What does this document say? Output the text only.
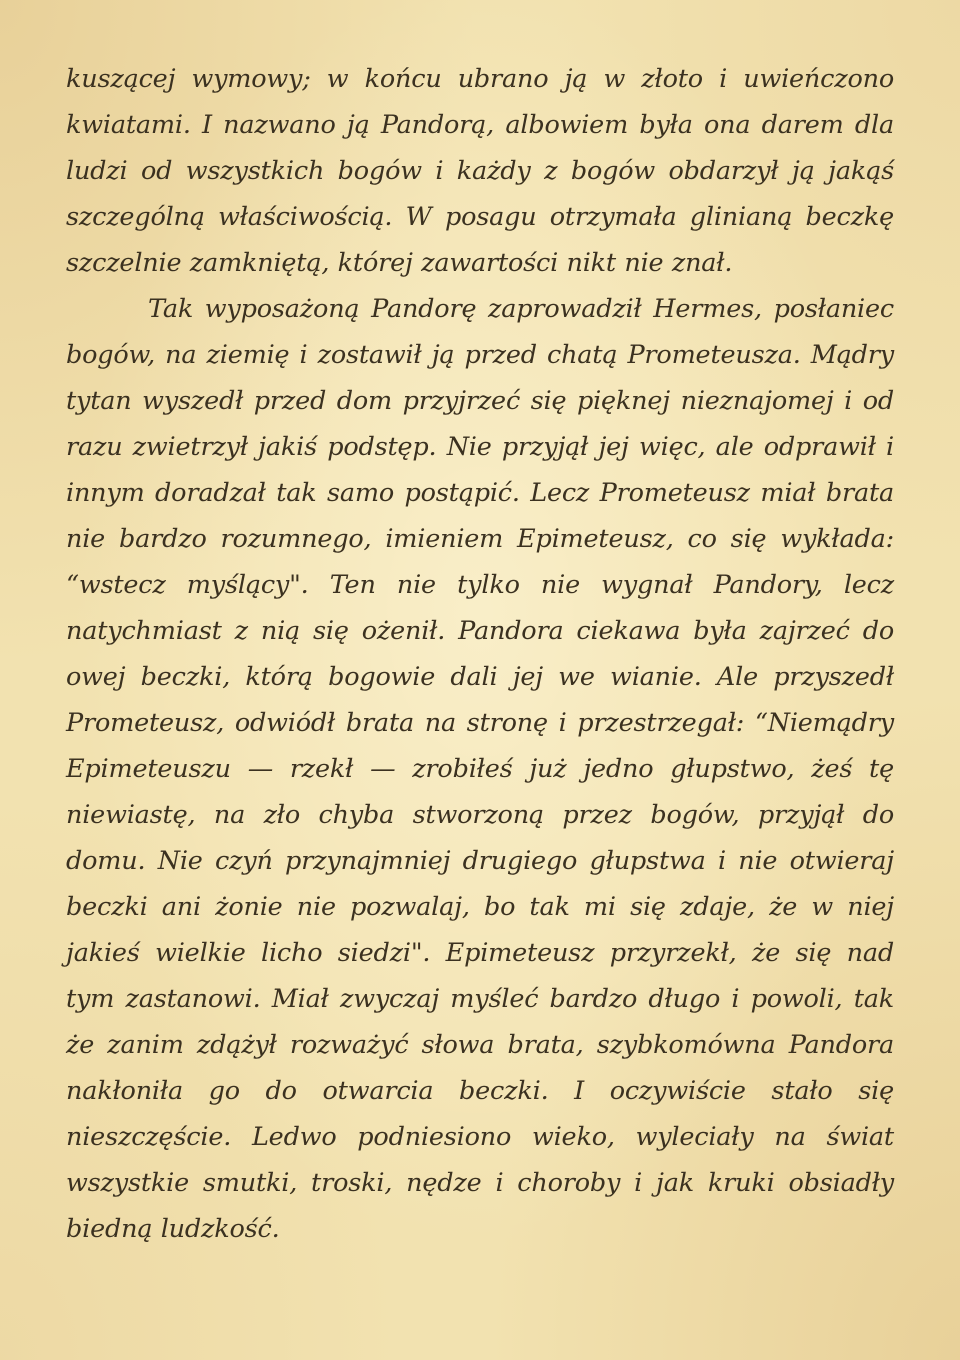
kuszącej wymowy; w końcu ubrano ją w złoto i uwieńczono kwiatami. I nazwano ją Pandorą, albowiem była ona darem dla ludzi od wszystkich bogów i każdy z bogów obdarzył ją jakąś szczególną właściwością. W posagu otrzymała glinianą beczkę szczelnie zamkniętą, której zawartości nikt nie znał.

Tak wyposażoną Pandorę zaprowadził Hermes, posłaniec bogów, na ziemię i zostawił ją przed chatą Prometeusza. Mądry tytan wyszedł przed dom przyjrzeć się pięknej nieznajomej i od razu zwietrzył jakiś podstęp. Nie przyjął jej więc, ale odprawił i innym doradzał tak samo postąpić. Lecz Prometeusz miał brata nie bardzo rozumnego, imieniem Epimeteusz, co się wykłada: “wstecz myślący". Ten nie tylko nie wygnał Pandory, lecz natychmiast z nią się ożenił. Pandora ciekawa była zajrzeć do owej beczki, którą bogowie dali jej we wianie. Ale przyszedł Prometeusz, odwiódł brata na stronę i przestrzegał: “Niemądry Epimeteuszu — rzekł — zrobiłeś już jedno głupstwo, żeś tę niewiastę, na zło chyba stworzoną przez bogów, przyjął do domu. Nie czyń przynajmniej drugiego głupstwa i nie otwieraj beczki ani żonie nie pozwalaj, bo tak mi się zdaje, że w niej jakieś wielkie licho siedzi". Epimeteusz przyrzekł, że się nad tym zastanowi. Miał zwyczaj myśleć bardzo długo i powoli, tak że zanim zdążył rozważyć słowa brata, szybkomówna Pandora nakłoniła go do otwarcia beczki. I oczywiście stało się nieszczęście. Ledwo podniesiono wieko, wyleciały na świat wszystkie smutki, troski, nędze i choroby i jak kruki obsiadły biedną ludzkość.
